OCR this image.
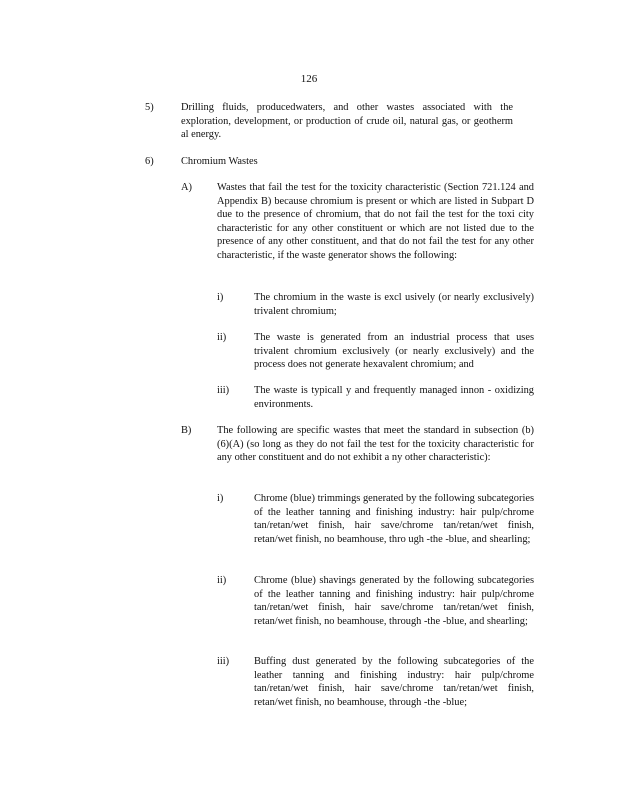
126
5)	Drilling fluids, producedwaters, and other wastes associated with the exploration, development, or production of crude oil, natural gas, or geotherm al energy.
6)	Chromium Wastes
A) Wastes that fail the test for the toxicity characteristic (Section 721.124 and Appendix B) because chromium is present or which are listed in Subpart D due to the presence of chromium, that do not fail the test for the toxi city characteristic for any other constituent or which are not listed due to the presence of any other constituent, and that do not fail the test for any other characteristic, if the waste generator shows the following:
i)	The chromium in the waste is excl usively (or nearly exclusively) trivalent chromium;
ii)	The waste is generated from an industrial process that uses trivalent chromium exclusively (or nearly exclusively) and the process does not generate hexavalent chromium; and
iii) The waste is typicall y and frequently managed innon - oxidizing environments.
B) The following are specific wastes that meet the standard in subsection (b)(6)(A) (so long as they do not fail the test for the toxicity characteristic for any other constituent and do not exhibit a ny other characteristic):
i)	Chrome (blue) trimmings generated by the following subcategories of the leather tanning and finishing industry: hair pulp/chrome tan/retan/wet finish, hair save/chrome tan/retan/wet finish, retan/wet finish, no beamhouse, thro ugh -the -blue, and shearling;
ii)	Chrome (blue) shavings generated by the following subcategories of the leather tanning and finishing industry: hair pulp/chrome tan/retan/wet finish, hair save/chrome tan/retan/wet finish, retan/wet finish, no beamhouse, through -the -blue, and shearling;
iii) Buffing dust generated by the following subcategories of the leather tanning and finishing industry: hair pulp/chrome tan/retan/wet finish, hair save/chrome tan/retan/wet finish, retan/wet finish, no beamhouse, through -the -blue;
